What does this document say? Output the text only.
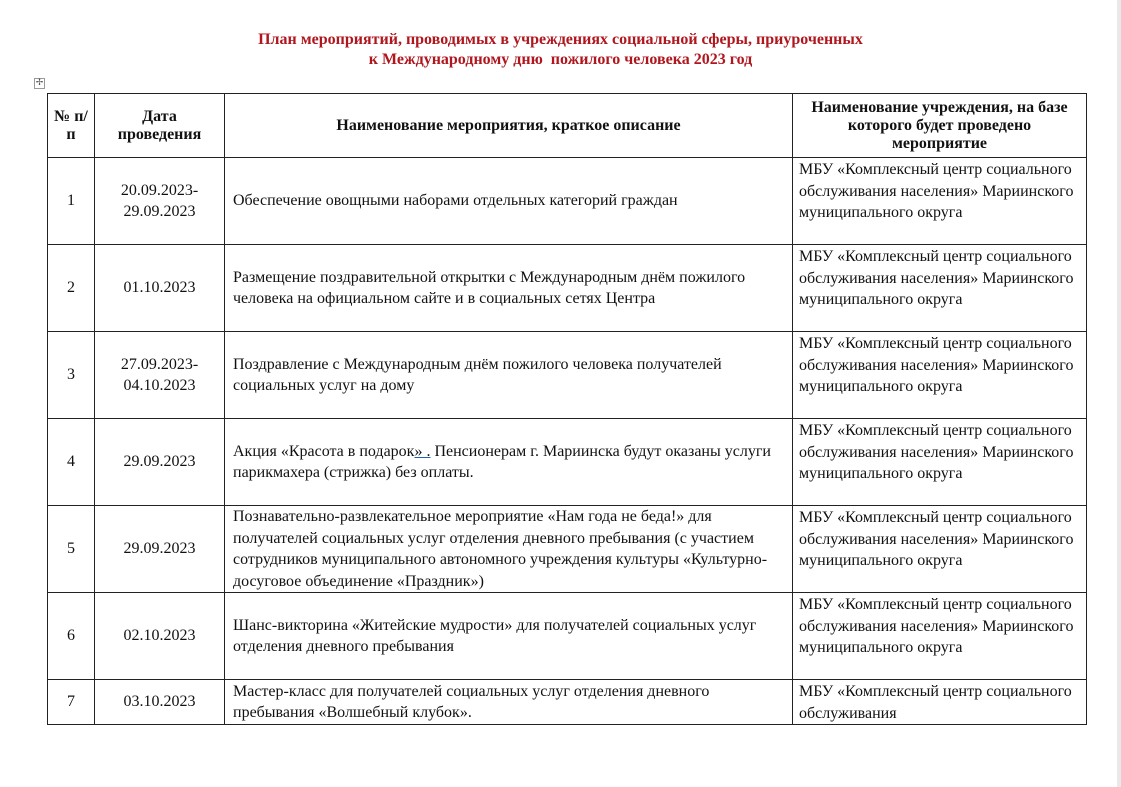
План мероприятий, проводимых в учреждениях социальной сферы, приуроченных
к Международному дню  пожилого человека 2023 год
✢
№ п/п	Дата проведения	Наименование мероприятия, краткое описание	Наименование учреждения, на базе которого будет проведено мероприятие
1	20.09.2023-29.09.2023	Обеспечение овощными наборами отдельных категорий граждан	МБУ «Комплексный центр социального обслуживания населения» Мариинского муниципального округа

2	01.10.2023	Размещение поздравительной открытки с Международным днём пожилого человека на официальном сайте и в социальных сетях Центра	МБУ «Комплексный центр социального обслуживания населения» Мариинского муниципального округа

3	27.09.2023-04.10.2023	Поздравление с Международным днём пожилого человека получателей социальных услуг на дому	МБУ «Комплексный центр социального обслуживания населения» Мариинского муниципального округа

4	29.09.2023	Акция «Красота в подарок» . Пенсионерам г. Мариинска будут оказаны услуги парикмахера (стрижка) без оплаты.	МБУ «Комплексный центр социального обслуживания населения» Мариинского муниципального округа

5	29.09.2023	Познавательно-развлекательное мероприятие «Нам года не беда!» для получателей социальных услуг отделения дневного пребывания (с участием сотрудников муниципального автономного учреждения культуры «Культурно-досуговое объединение «Праздник»)	МБУ «Комплексный центр социального обслуживания населения» Мариинского муниципального округа

6	02.10.2023	Шанс-викторина «Житейские мудрости» для получателей социальных услуг отделения дневного пребывания	МБУ «Комплексный центр социального обслуживания населения» Мариинского муниципального округа

7	03.10.2023	Мастер-класс для получателей социальных услуг отделения дневного пребывания «Волшебный клубок».	МБУ «Комплексный центр социального обслуживания
